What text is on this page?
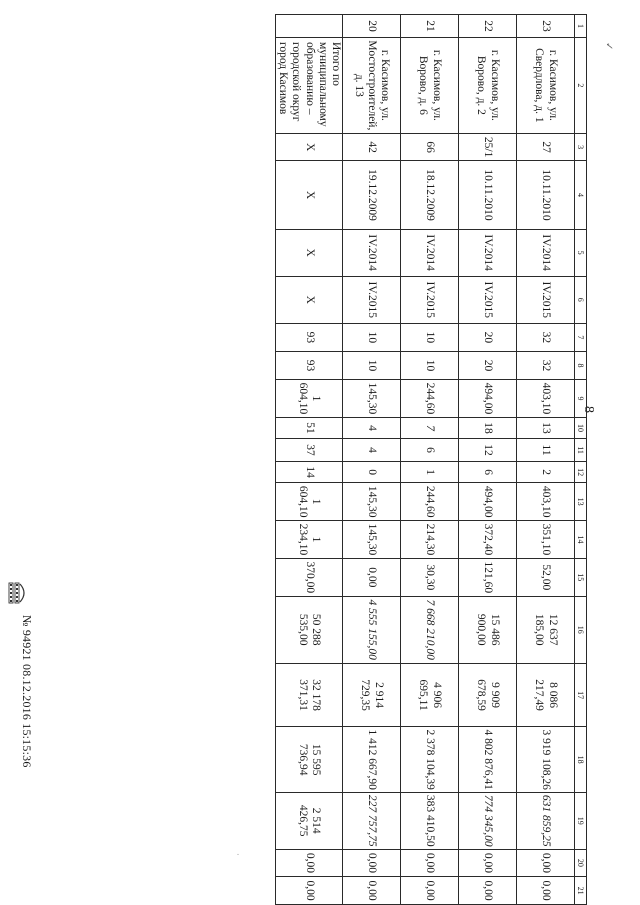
8
✓
·
1	2	3	4	5	6	7	8	9	10	11	12	13	14	15	16	17	18	19	20	21
23	г. Касимов, ул. Свердлова, д. 1	27	10.11.2010	IV.2014	IV.2015	32	32	403,10	13	11	2	403,10	351,10	52,00	12 637 185,00	8 086 217,49	3 919 108,26	631 859,25	0,00	0,00
22	г. Касимов, ул. Ворово, д. 2	25/1	10.11.2010	IV.2014	IV.2015	20	20	494,00	18	12	6	494,00	372,40	121,60	15 486 900,00	9 909 678,59	4 802 876,41	774 345,00	0,00	0,00
21	г. Касимов, ул. Ворово, д. 6	66	18.12.2009	IV.2014	IV.2015	10	10	244,60	7	6	1	244,60	214,30	30,30	7 668 210,00	4 906 695,11	2 378 104,39	383 410,50	0,00	0,00
20	г. Касимов, ул. Мостостроителей, д. 13	42	19.12.2009	IV.2014	IV.2015	10	10	145,30	4	4	0	145,30	145,30	0,00	4 555 155,00	2 914 729,35	1 412 667,90	227 757,75	0,00	0,00
	Итого по муниципальному образованию – городской округ город Касимов	X	X	X	X	93	93	1 604,10	51	37	14	1 604,10	1 234,10	370,00	50 288 535,00	32 178 371,31	15 595 736,94	2 514 426,75	0,00	0,00
№ 94921 08.12.2016 15:15:36
